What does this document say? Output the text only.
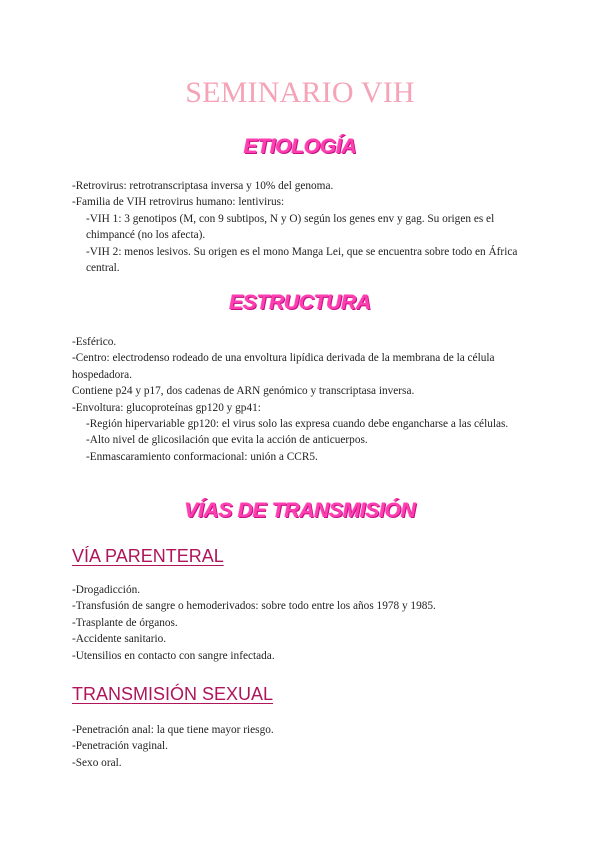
SEMINARIO VIH
ETIOLOGÍA

-Retrovirus: retrotranscriptasa inversa y 10% del genoma.

-Familia de VIH retrovirus humano: lentivirus:

-VIH 1: 3 genotipos (M, con 9 subtipos, N y O) según los genes env y gag. Su origen es el chimpancé (no los afecta).

-VIH 2: menos lesivos. Su origen es el mono Manga Lei, que se encuentra sobre todo en África central.

ESTRUCTURA

-Esférico.

-Centro: electrodenso rodeado de una envoltura lipídica derivada de la membrana de la célula hospedadora.

Contiene p24 y p17, dos cadenas de ARN genómico y transcriptasa inversa.

-Envoltura: glucoproteínas gp120 y gp41:

-Región hipervariable gp120: el virus solo las expresa cuando debe engancharse a las células.

-Alto nivel de glicosilación que evita la acción de anticuerpos.

-Enmascaramiento conformacional: unión a CCR5.

VÍAS DE TRANSMISIÓN
VÍA PARENTERAL

-Drogadicción.

-Transfusión de sangre o hemoderivados: sobre todo entre los años 1978 y 1985.

-Trasplante de órganos.

-Accidente sanitario.

-Utensilios en contacto con sangre infectada.

TRANSMISIÓN SEXUAL

-Penetración anal: la que tiene mayor riesgo.

-Penetración vaginal.

-Sexo oral.
